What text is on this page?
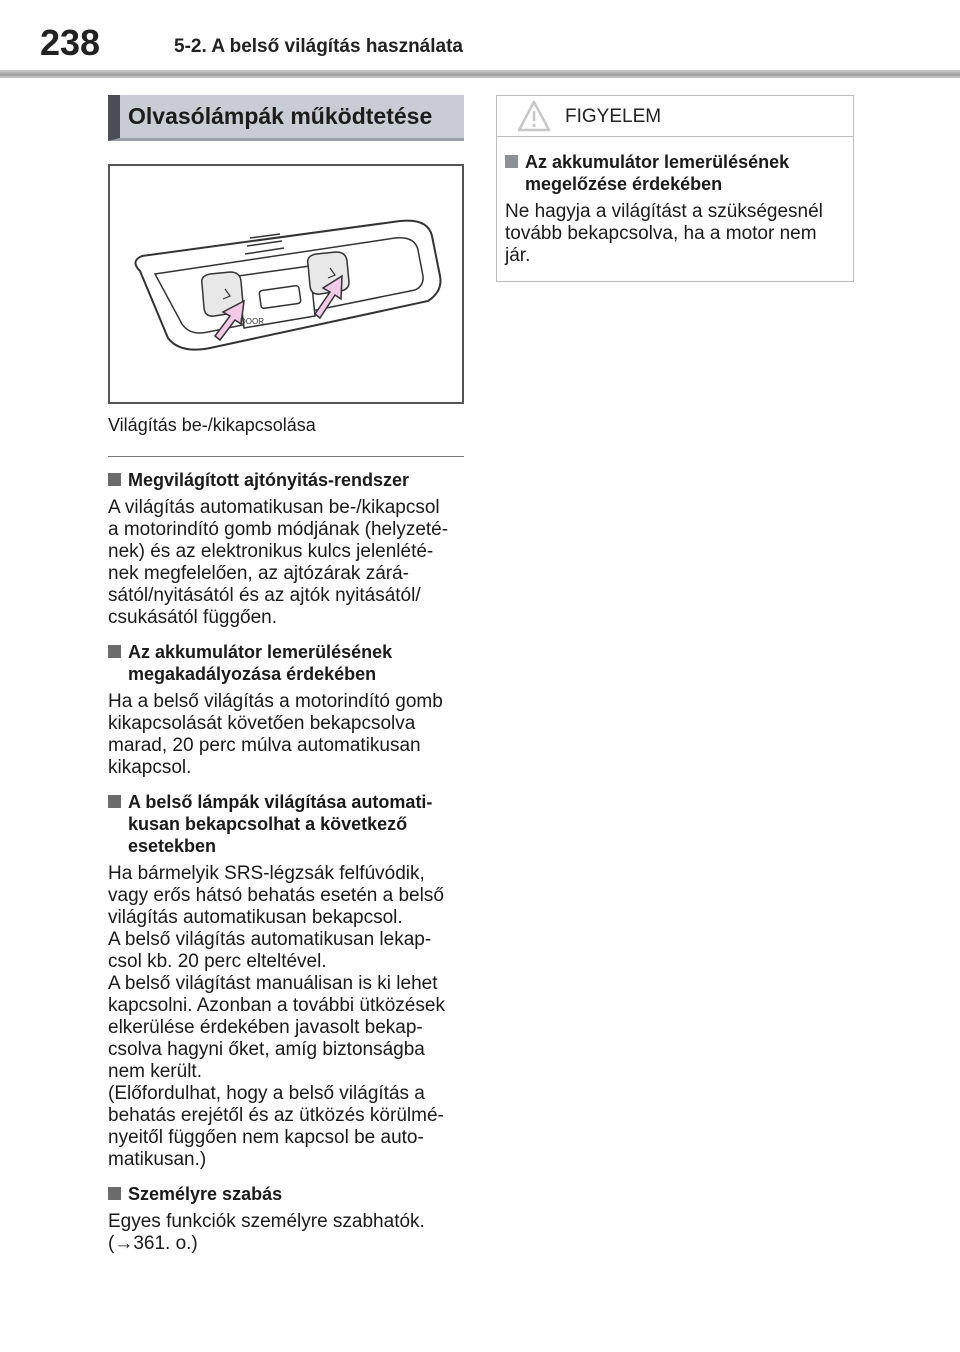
238	5-2. A belső világítás használata
Olvasólámpák működtetése
DOOR
Világítás be-/kikapcsolása
Megvilágított ajtónyitás-rendszer
A világítás automatikusan be-/kikapcsol
a motorindító gomb módjának (helyzeté-
nek) és az elektronikus kulcs jelenlété-
nek megfelelően, az ajtózárak zárá-
sától/nyitásától és az ajtók nyitásától/
csukásától függően.
Az akkumulátor lemerülésének
megakadályozása érdekében
Ha a belső világítás a motorindító gomb
kikapcsolását követően bekapcsolva
marad, 20 perc múlva automatikusan
kikapcsol.
A belső lámpák világítása automati-
kusan bekapcsolhat a következő
esetekben
Ha bármelyik SRS-légzsák felfúvódik,
vagy erős hátsó behatás esetén a belső
világítás automatikusan bekapcsol.
A belső világítás automatikusan lekap-
csol kb. 20 perc elteltével.
A belső világítást manuálisan is ki lehet
kapcsolni. Azonban a további ütközések
elkerülése érdekében javasolt bekap-
csolva hagyni őket, amíg biztonságba
nem került.
(Előfordulhat, hogy a belső világítás a
behatás erejétől és az ütközés körülmé-
nyeitől függően nem kapcsol be auto-
matikusan.)
Személyre szabás
Egyes funkciók személyre szabhatók.
(→361. o.)
FIGYELEM
Az akkumulátor lemerülésének
megelőzése érdekében
Ne hagyja a világítást a szükségesnél
tovább bekapcsolva, ha a motor nem
jár.
